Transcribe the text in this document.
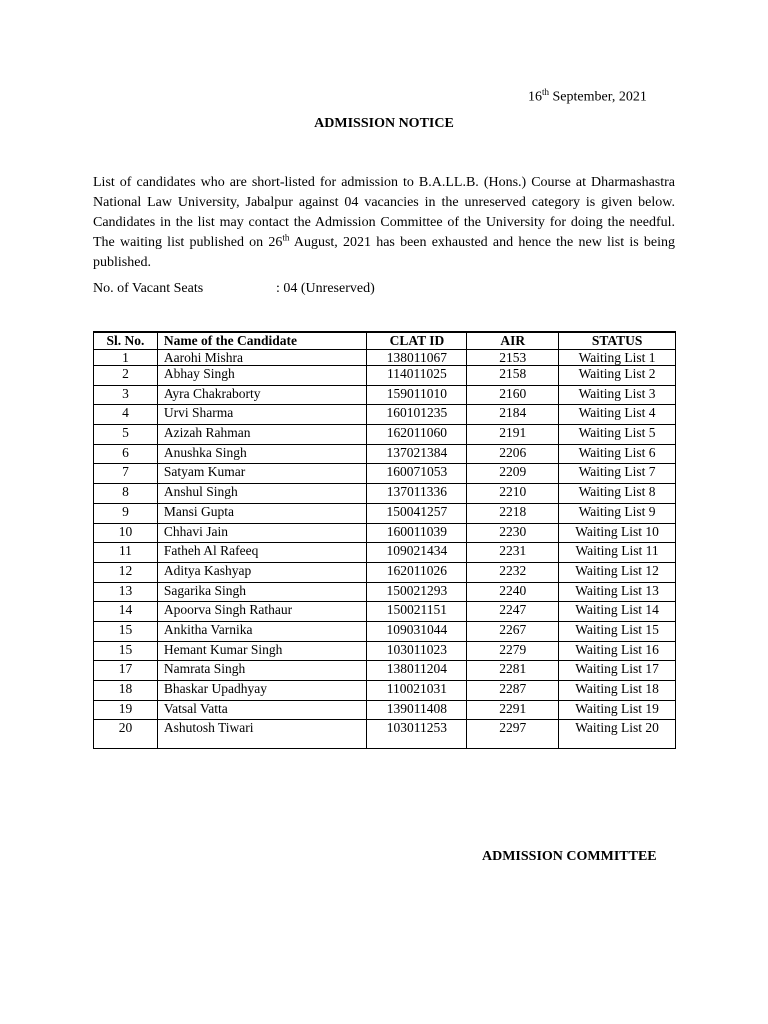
16th September, 2021
ADMISSION NOTICE
List of candidates who are short-listed for admission to B.A.LL.B. (Hons.) Course at Dharmashastra National Law University, Jabalpur against 04 vacancies in the unreserved category is given below. Candidates in the list may contact the Admission Committee of the University for doing the needful. The waiting list published on 26th August, 2021 has been exhausted and hence the new list is being published.
No. of Vacant Seats	: 04 (Unreserved)
Sl. No.	Name of the Candidate	CLAT ID	AIR	STATUS
1	Aarohi Mishra	138011067	2153	Waiting List 1
2	Abhay Singh	114011025	2158	Waiting List 2
3	Ayra Chakraborty	159011010	2160	Waiting List 3
4	Urvi Sharma	160101235	2184	Waiting List 4
5	Azizah Rahman	162011060	2191	Waiting List 5
6	Anushka Singh	137021384	2206	Waiting List 6
7	Satyam Kumar	160071053	2209	Waiting List 7
8	Anshul Singh	137011336	2210	Waiting List 8
9	Mansi Gupta	150041257	2218	Waiting List 9
10	Chhavi Jain	160011039	2230	Waiting List 10
11	Fatheh Al Rafeeq	109021434	2231	Waiting List 11
12	Aditya Kashyap	162011026	2232	Waiting List 12
13	Sagarika Singh	150021293	2240	Waiting List 13
14	Apoorva Singh Rathaur	150021151	2247	Waiting List 14
15	Ankitha Varnika	109031044	2267	Waiting List 15
15	Hemant Kumar Singh	103011023	2279	Waiting List 16
17	Namrata Singh	138011204	2281	Waiting List 17
18	Bhaskar Upadhyay	110021031	2287	Waiting List 18
19	Vatsal Vatta	139011408	2291	Waiting List 19
20	Ashutosh Tiwari	103011253	2297	Waiting List 20
ADMISSION COMMITTEE
